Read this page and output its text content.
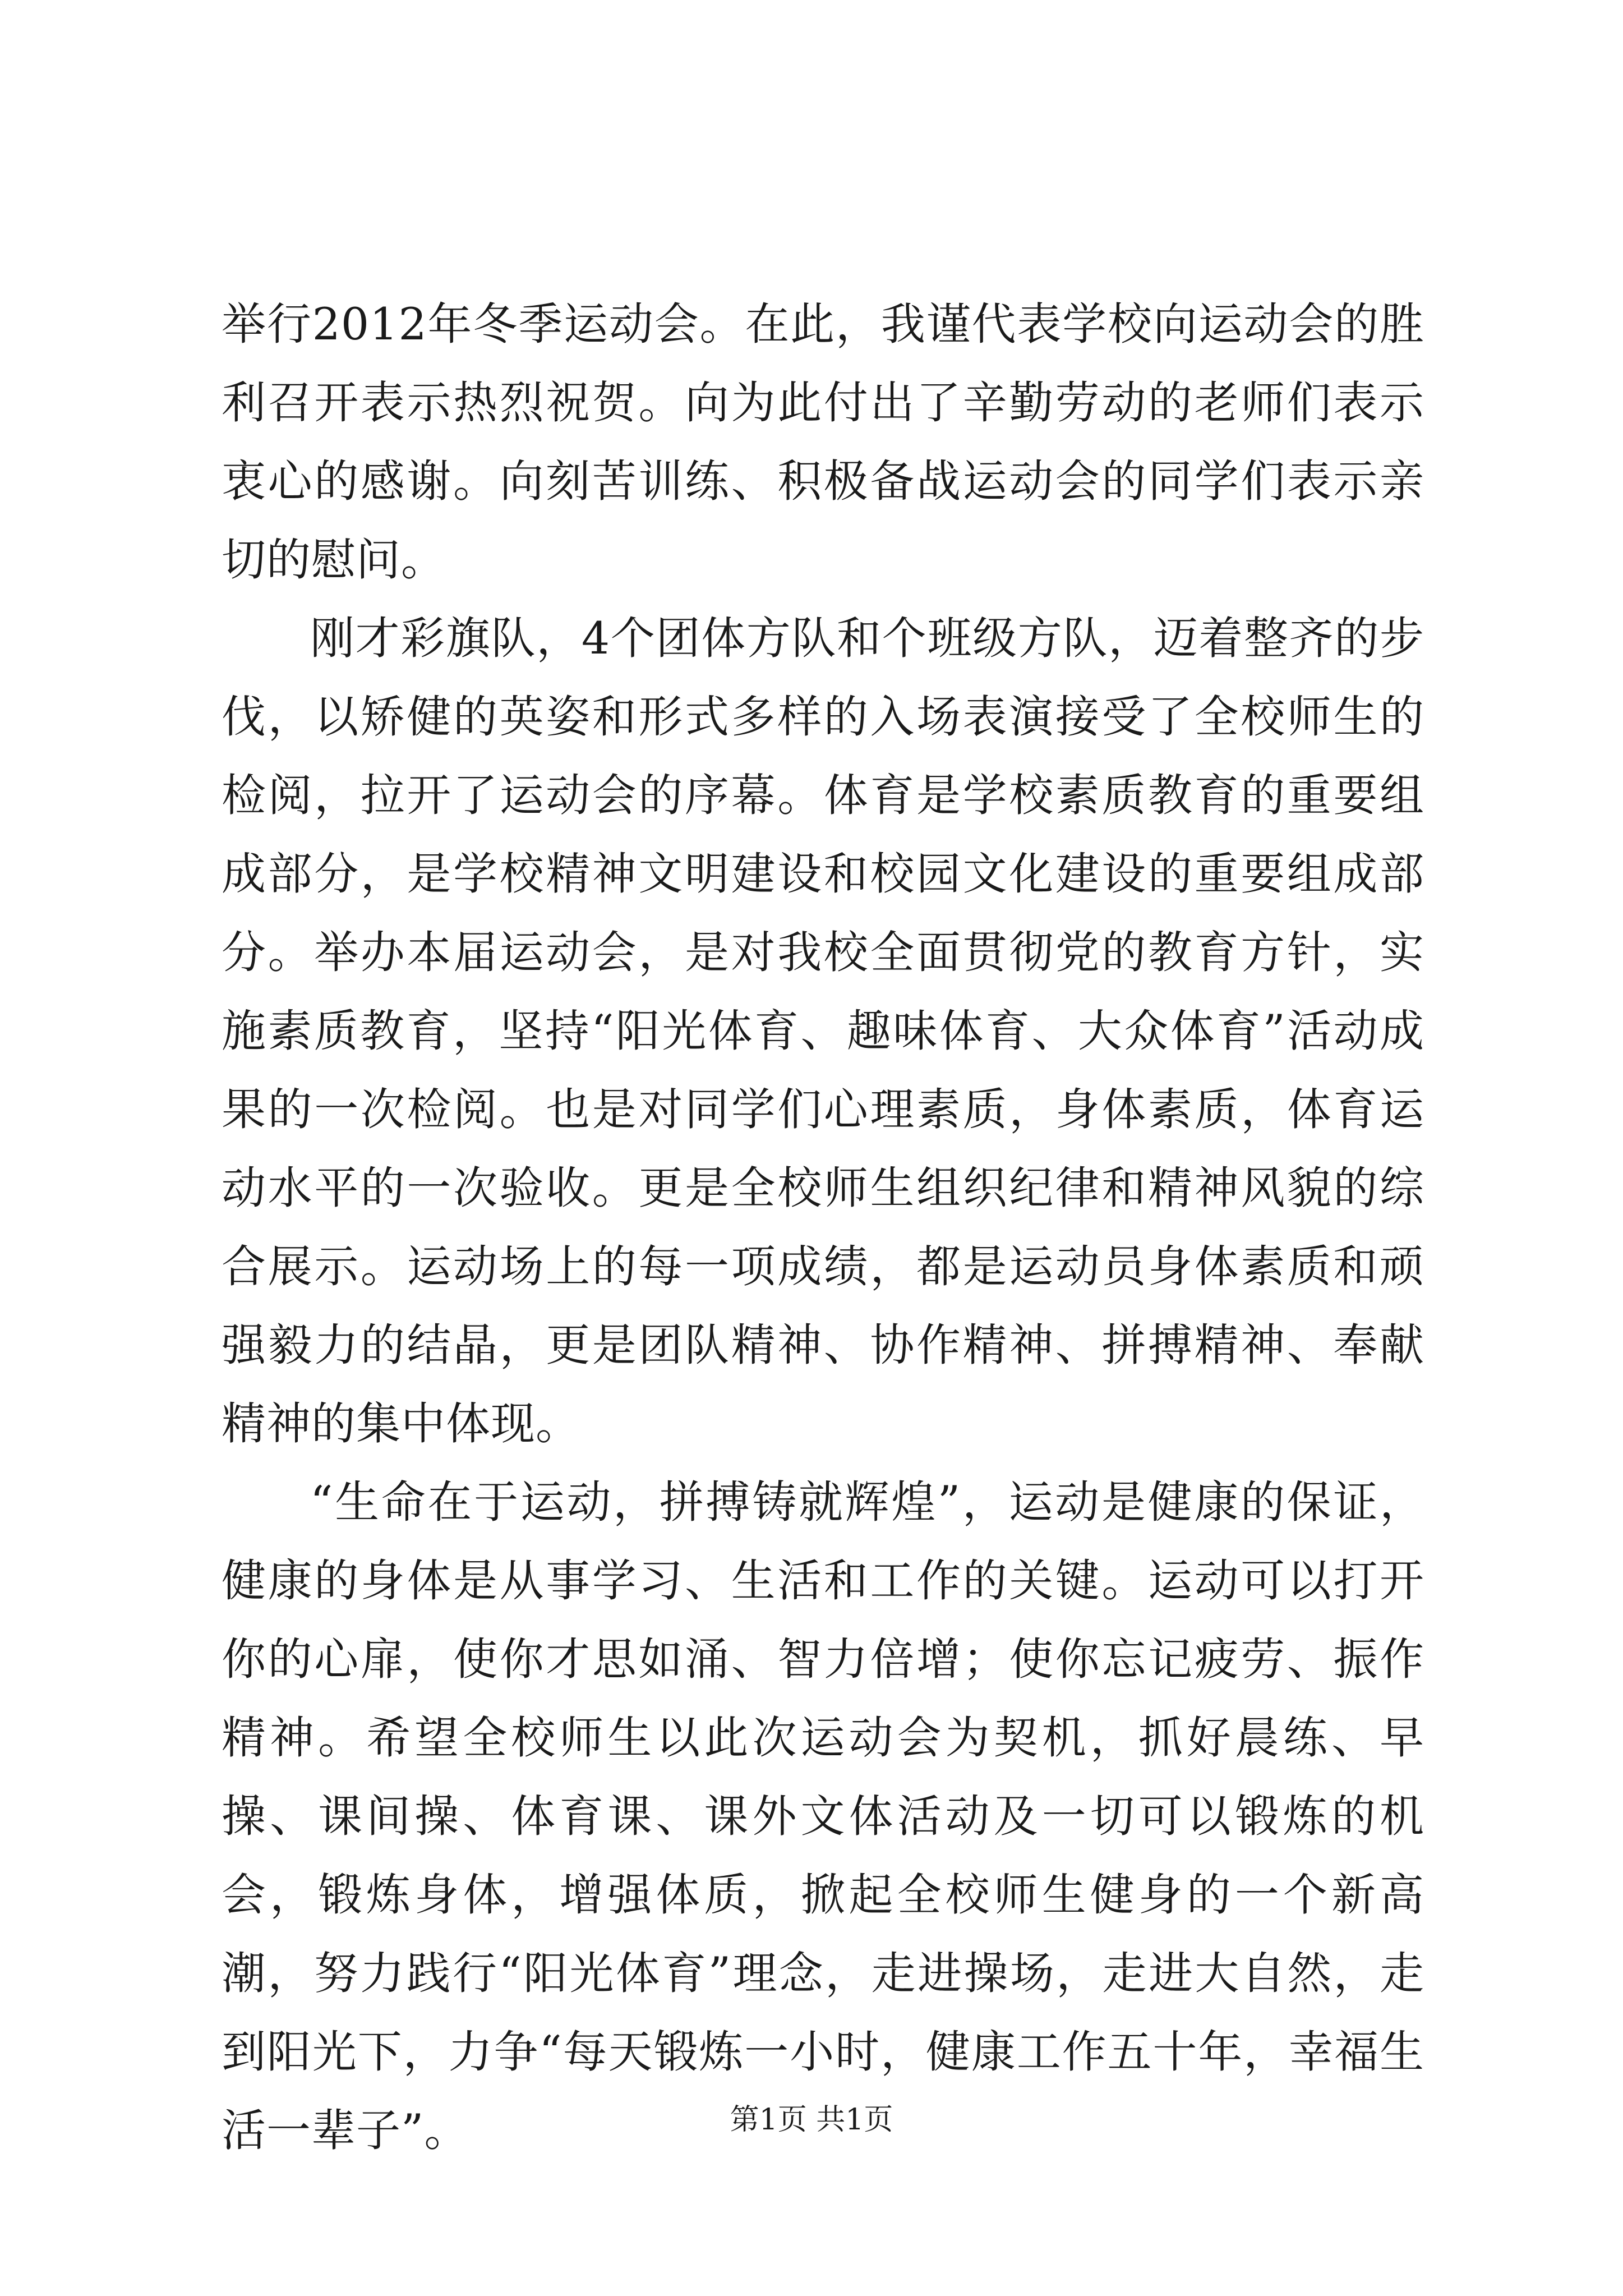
举行2012年冬季运动会。在此，我谨代表学校向运动会的胜利召开表示热烈祝贺。向为此付出了辛勤劳动的老师们表示衷心的感谢。向刻苦训练、积极备战运动会的同学们表示亲切的慰问。

刚才彩旗队，4个团体方队和个班级方队，迈着整齐的步伐，以矫健的英姿和形式多样的入场表演接受了全校师生的检阅，拉开了运动会的序幕。体育是学校素质教育的重要组成部分，是学校精神文明建设和校园文化建设的重要组成部分。举办本届运动会，是对我校全面贯彻党的教育方针，实施素质教育，坚持“阳光体育、趣味体育、大众体育”活动成果的一次检阅。也是对同学们心理素质，身体素质，体育运动水平的一次验收。更是全校师生组织纪律和精神风貌的综合展示。运动场上的每一项成绩，都是运动员身体素质和顽强毅力的结晶，更是团队精神、协作精神、拼搏精神、奉献精神的集中体现。

“生命在于运动，拼搏铸就辉煌”，运动是健康的保证，健康的身体是从事学习、生活和工作的关键。运动可以打开你的心扉，使你才思如涌、智力倍增；使你忘记疲劳、振作精神。希望全校师生以此次运动会为契机，抓好晨练、早操、课间操、体育课、课外文体活动及一切可以锻炼的机会，锻炼身体，增强体质，掀起全校师生健身的一个新高潮，努力践行“阳光体育”理念，走进操场，走进大自然，走到阳光下，力争“每天锻炼一小时，健康工作五十年，幸福生活一辈子”。	第1页 共1页
